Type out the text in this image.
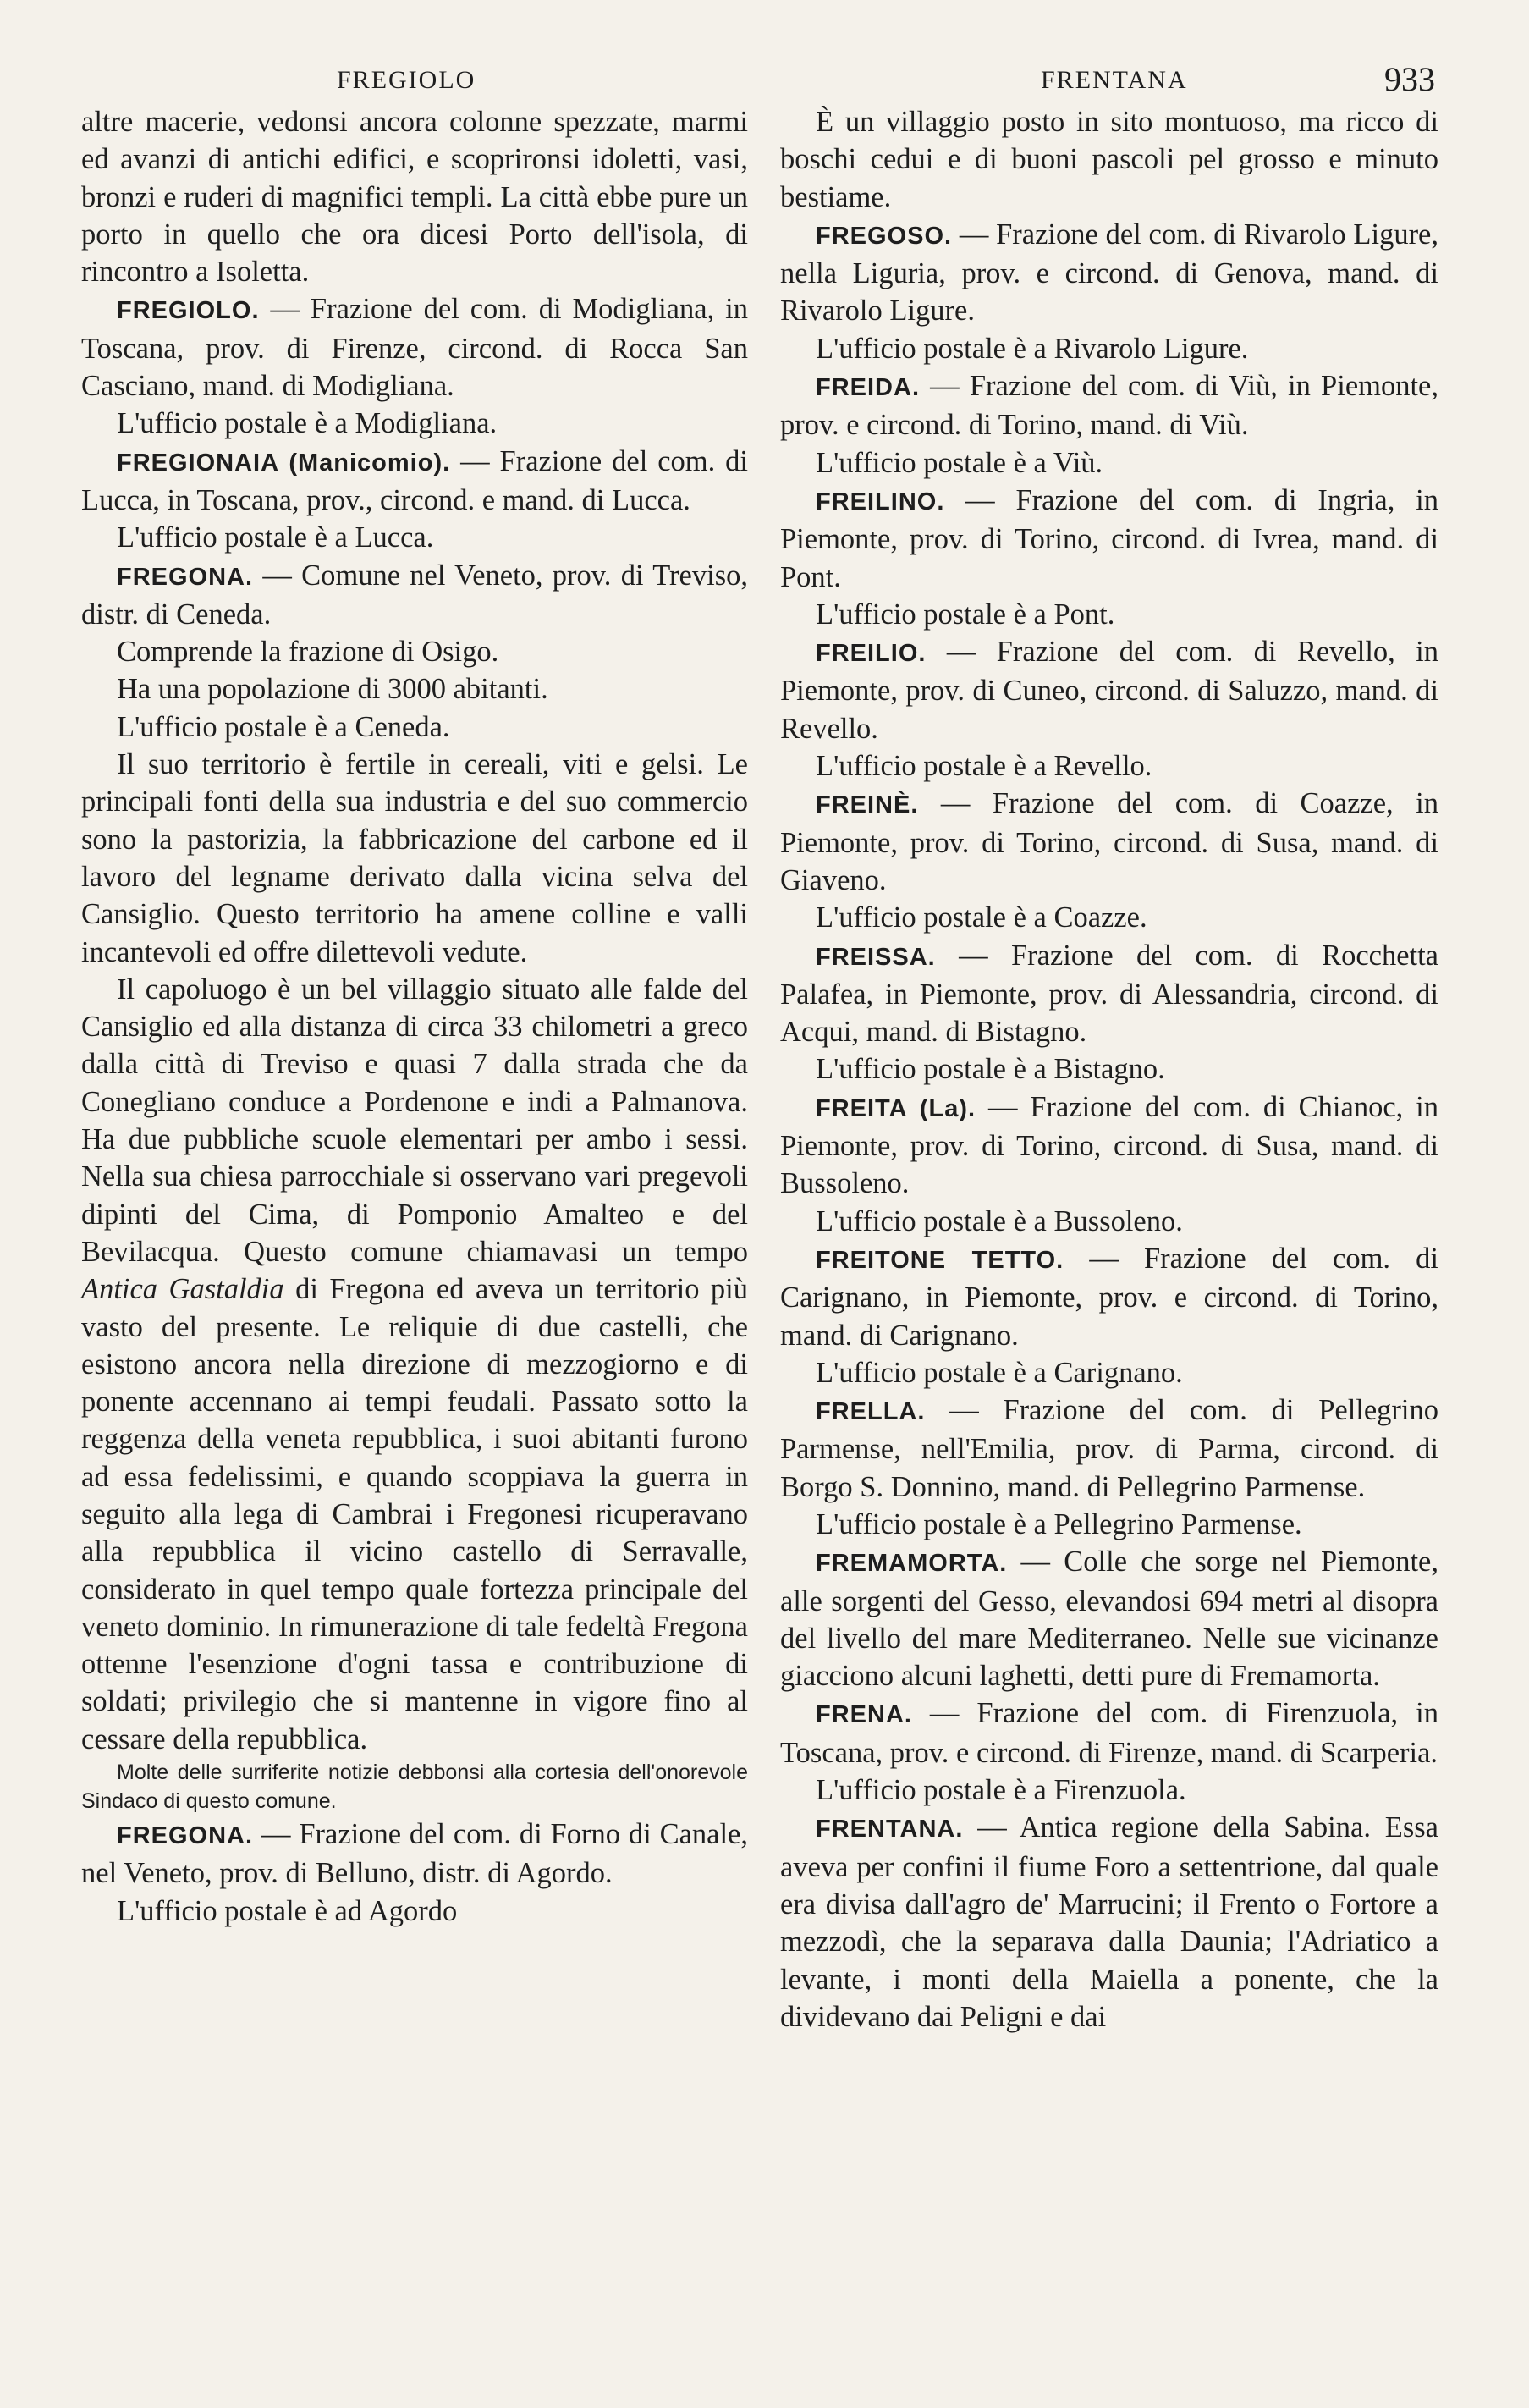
FREGIOLO	FRENTANA	933

altre macerie, vedonsi ancora colonne spezzate, marmi ed avanzi di antichi edifici, e scoprironsi idoletti, vasi, bronzi e ruderi di magnifici templi. La città ebbe pure un porto in quello che ora dicesi Porto dell'isola, di rincontro a Isoletta.

FREGIOLO. — Frazione del com. di Modigliana, in Toscana, prov. di Firenze, circond. di Rocca San Casciano, mand. di Modigliana.

L'ufficio postale è a Modigliana.

FREGIONAIA (Manicomio). — Frazione del com. di Lucca, in Toscana, prov., circond. e mand. di Lucca.

L'ufficio postale è a Lucca.

FREGONA. — Comune nel Veneto, prov. di Treviso, distr. di Ceneda.

Comprende la frazione di Osigo.

Ha una popolazione di 3000 abitanti.

L'ufficio postale è a Ceneda.

Il suo territorio è fertile in cereali, viti e gelsi. Le principali fonti della sua industria e del suo commercio sono la pastorizia, la fabbricazione del carbone ed il lavoro del legname derivato dalla vicina selva del Cansiglio. Questo territorio ha amene colline e valli incantevoli ed offre dilettevoli vedute.

Il capoluogo è un bel villaggio situato alle falde del Cansiglio ed alla distanza di circa 33 chilometri a greco dalla città di Treviso e quasi 7 dalla strada che da Conegliano conduce a Pordenone e indi a Palmanova. Ha due pubbliche scuole elementari per ambo i sessi. Nella sua chiesa parrocchiale si osservano vari pregevoli dipinti del Cima, di Pomponio Amalteo e del Bevilacqua. Questo comune chiamavasi un tempo Antica Gastaldia di Fregona ed aveva un territorio più vasto del presente. Le reliquie di due castelli, che esistono ancora nella direzione di mezzogiorno e di ponente accennano ai tempi feudali. Passato sotto la reggenza della veneta repubblica, i suoi abitanti furono ad essa fedelissimi, e quando scoppiava la guerra in seguito alla lega di Cambrai i Fregonesi ricuperavano alla repubblica il vicino castello di Serravalle, considerato in quel tempo quale fortezza principale del veneto dominio. In rimunerazione di tale fedeltà Fregona ottenne l'esenzione d'ogni tassa e contribuzione di soldati; privilegio che si mantenne in vigore fino al cessare della repubblica.

Molte delle surriferite notizie debbonsi alla cortesia dell'onorevole Sindaco di questo comune.

FREGONA. — Frazione del com. di Forno di Canale, nel Veneto, prov. di Belluno, distr. di Agordo.

L'ufficio postale è ad Agordo

È un villaggio posto in sito montuoso, ma ricco di boschi cedui e di buoni pascoli pel grosso e minuto bestiame.

FREGOSO. — Frazione del com. di Rivarolo Ligure, nella Liguria, prov. e circond. di Genova, mand. di Rivarolo Ligure.

L'ufficio postale è a Rivarolo Ligure.

FREIDA. — Frazione del com. di Viù, in Piemonte, prov. e circond. di Torino, mand. di Viù.

L'ufficio postale è a Viù.

FREILINO. — Frazione del com. di Ingria, in Piemonte, prov. di Torino, circond. di Ivrea, mand. di Pont.

L'ufficio postale è a Pont.

FREILIO. — Frazione del com. di Revello, in Piemonte, prov. di Cuneo, circond. di Saluzzo, mand. di Revello.

L'ufficio postale è a Revello.

FREINÈ. — Frazione del com. di Coazze, in Piemonte, prov. di Torino, circond. di Susa, mand. di Giaveno.

L'ufficio postale è a Coazze.

FREISSA. — Frazione del com. di Rocchetta Palafea, in Piemonte, prov. di Alessandria, circond. di Acqui, mand. di Bistagno.

L'ufficio postale è a Bistagno.

FREITA (La). — Frazione del com. di Chianoc, in Piemonte, prov. di Torino, circond. di Susa, mand. di Bussoleno.

L'ufficio postale è a Bussoleno.

FREITONE TETTO. — Frazione del com. di Carignano, in Piemonte, prov. e circond. di Torino, mand. di Carignano.

L'ufficio postale è a Carignano.

FRELLA. — Frazione del com. di Pellegrino Parmense, nell'Emilia, prov. di Parma, circond. di Borgo S. Donnino, mand. di Pellegrino Parmense.

L'ufficio postale è a Pellegrino Parmense.

FREMAMORTA. — Colle che sorge nel Piemonte, alle sorgenti del Gesso, elevandosi 694 metri al disopra del livello del mare Mediterraneo. Nelle sue vicinanze giacciono alcuni laghetti, detti pure di Fremamorta.

FRENA. — Frazione del com. di Firenzuola, in Toscana, prov. e circond. di Firenze, mand. di Scarperia.

L'ufficio postale è a Firenzuola.

FRENTANA. — Antica regione della Sabina. Essa aveva per confini il fiume Foro a settentrione, dal quale era divisa dall'agro de' Marrucini; il Frento o Fortore a mezzodì, che la separava dalla Daunia; l'Adriatico a levante, i monti della Maiella a ponente, che la dividevano dai Peligni e dai
